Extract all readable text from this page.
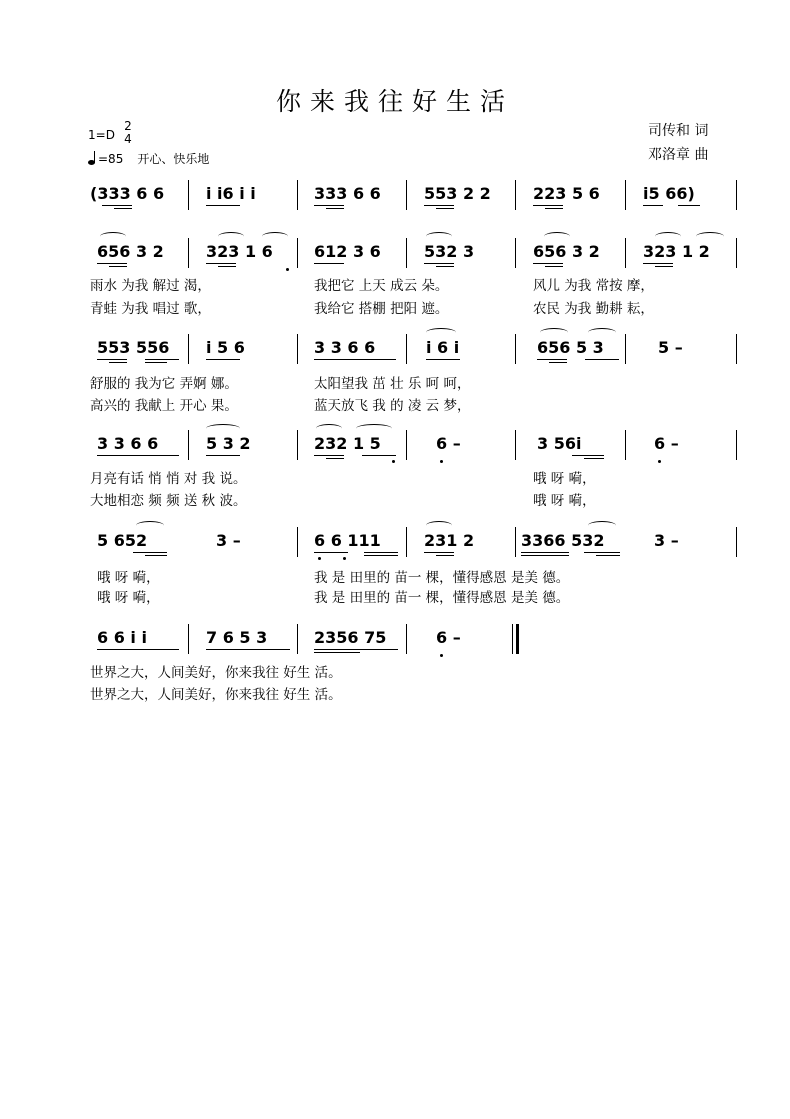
你来我往好生活
司传和 词
邓洛章 曲
1=D
2
4
=85 开心、快乐地
(333 6 6	i i6 i i	333 6 6	553 2 2	223 5 6	i5 66)
656 3 2	323 1 6	612 3 6	532 3	656 3 2	323 1 2
雨水 为我 解过 渴，	我把它 上天 成云 朵。	风儿 为我 常按 摩，
青蛙 为我 唱过 歌，	我给它 搭棚 把阳 遮。	农民 为我 勤耕 耘，
553 556 i 5 6	3 3 6 6	i 6 i	656 5 3	5 –
舒服的 我为它 弄婀 娜。	太阳望我 茁 壮 乐 呵 呵，
高兴的 我献上 开心 果。	蓝天放飞 我 的 凌 云 梦，
3 3 6 6	5 3 2	232 1 5	6 –	3 56i	6 –
月亮有话 悄 悄 对 我 说。	哦 呀 嗬，
大地相恋 频 频 送 秋 波。	哦 呀 嗬，
5 652	3 –	6 6 111	231 2	3366 532	3 –
哦 呀 嗬，	我 是 田里的 苗一 棵，懂得感恩 是美 德。
哦 呀 嗬，	我 是 田里的 苗一 棵，懂得感恩 是美 德。
6 6 i i	7 6 5 3	2356 75	6 –
世界之大，人间美好，你来我往 好生 活。
世界之大，人间美好，你来我往 好生 活。
